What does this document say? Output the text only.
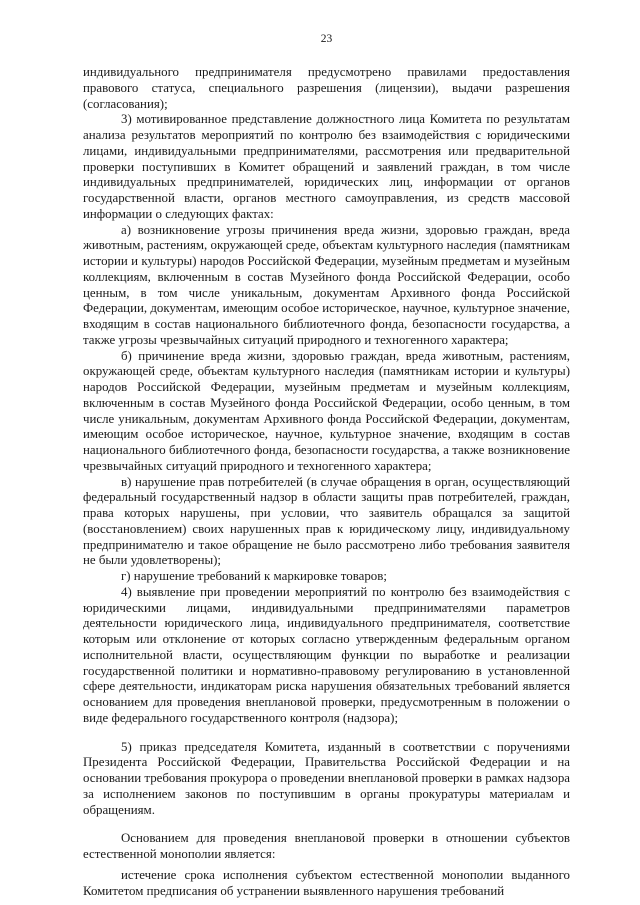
23

индивидуального предпринимателя предусмотрено правилами предоставления правового статуса, специального разрешения (лицензии), выдачи разрешения (согласования);

3) мотивированное представление должностного лица Комитета по результатам анализа результатов мероприятий по контролю без взаимодействия с юридическими лицами, индивидуальными предпринимателями, рассмотрения или предварительной проверки поступивших в Комитет обращений и заявлений граждан, в том числе индивидуальных предпринимателей, юридических лиц, информации от органов государственной власти, органов местного самоуправления, из средств массовой информации о следующих фактах:

а) возникновение угрозы причинения вреда жизни, здоровью граждан, вреда животным, растениям, окружающей среде, объектам культурного наследия (памятникам истории и культуры) народов Российской Федерации, музейным предметам и музейным коллекциям, включенным в состав Музейного фонда Российской Федерации, особо ценным, в том числе уникальным, документам Архивного фонда Российской Федерации, документам, имеющим особое историческое, научное, культурное значение, входящим в состав национального библиотечного фонда, безопасности государства, а также угрозы чрезвычайных ситуаций природного и техногенного характера;

б) причинение вреда жизни, здоровью граждан, вреда животным, растениям, окружающей среде, объектам культурного наследия (памятникам истории и культуры) народов Российской Федерации, музейным предметам и музейным коллекциям, включенным в состав Музейного фонда Российской Федерации, особо ценным, в том числе уникальным, документам Архивного фонда Российской Федерации, документам, имеющим особое историческое, научное, культурное значение, входящим в состав национального библиотечного фонда, безопасности государства, а также возникновение чрезвычайных ситуаций природного и техногенного характера;

в) нарушение прав потребителей (в случае обращения в орган, осуществляющий федеральный государственный надзор в области защиты прав потребителей, граждан, права которых нарушены, при условии, что заявитель обращался за защитой (восстановлением) своих нарушенных прав к юридическому лицу, индивидуальному предпринимателю и такое обращение не было рассмотрено либо требования заявителя не были удовлетворены);

г) нарушение требований к маркировке товаров;

4) выявление при проведении мероприятий по контролю без взаимодействия с юридическими лицами, индивидуальными предпринимателями параметров деятельности юридического лица, индивидуального предпринимателя, соответствие которым или отклонение от которых согласно утвержденным федеральным органом исполнительной власти, осуществляющим функции по выработке и реализации государственной политики и нормативно-правовому регулированию в установленной сфере деятельности, индикаторам риска нарушения обязательных требований является основанием для проведения внеплановой проверки, предусмотренным в положении о виде федерального государственного контроля (надзора);

5) приказ председателя Комитета, изданный в соответствии с поручениями Президента Российской Федерации, Правительства Российской Федерации и на основании требования прокурора о проведении внеплановой проверки в рамках надзора за исполнением законов по поступившим в органы прокуратуры материалам и обращениям.

Основанием для проведения внеплановой проверки в отношении субъектов естественной монополии является:

истечение срока исполнения субъектом естественной монополии выданного Комитетом предписания об устранении выявленного нарушения требований
